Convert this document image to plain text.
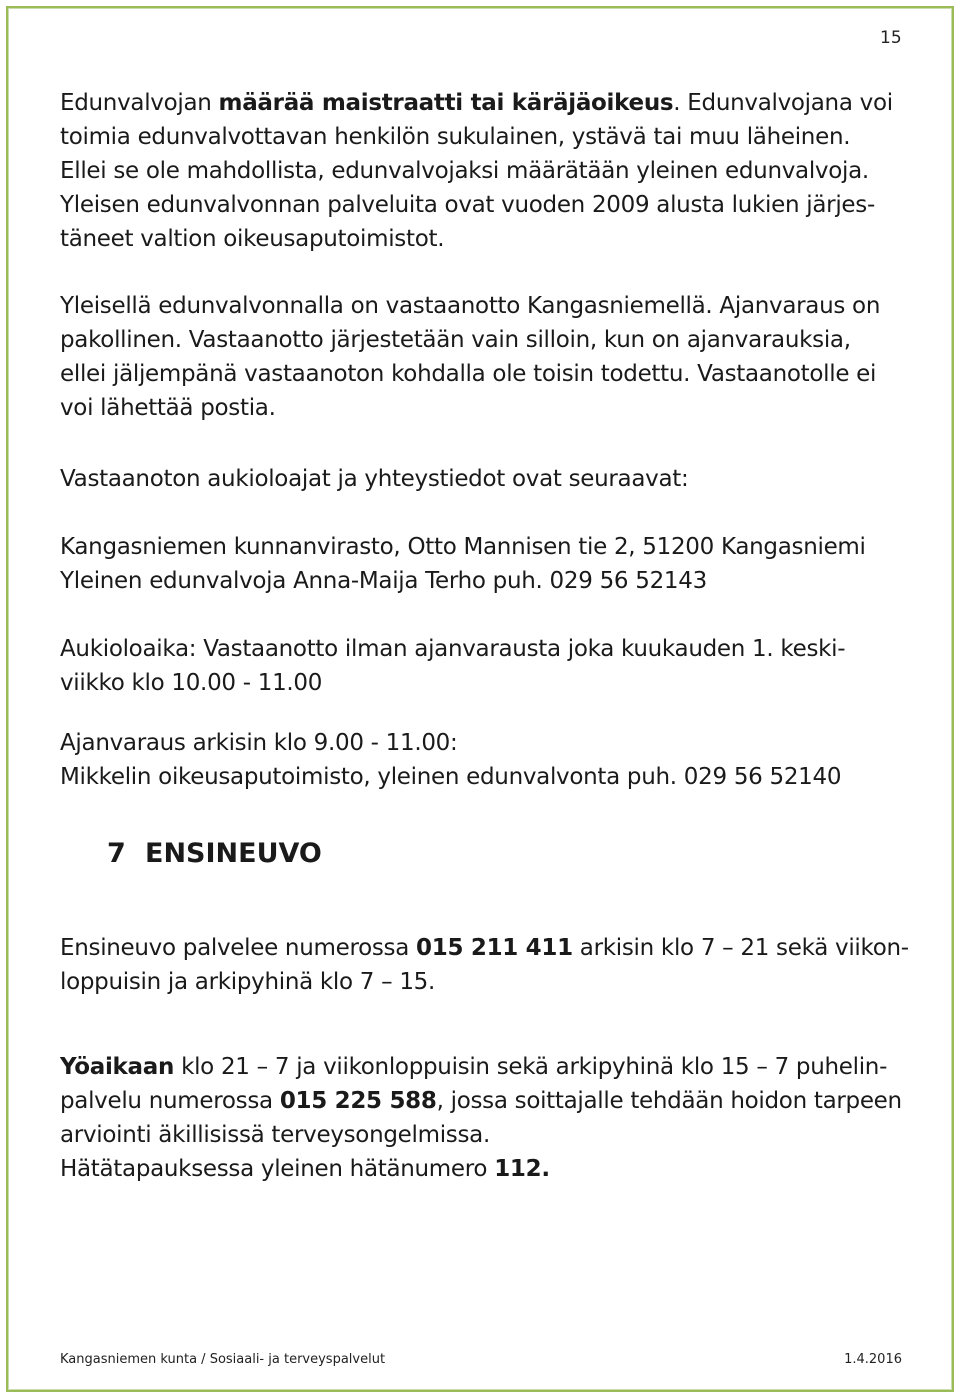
15
Edunvalvojan määrää maistraatti tai käräjäoikeus. Edunvalvojana voi
toimia edunvalvottavan henkilön sukulainen, ystävä tai muu läheinen.
Ellei se ole mahdollista, edunvalvojaksi määrätään yleinen edunvalvoja.
Yleisen edunvalvonnan palveluita ovat vuoden 2009 alusta lukien järjes-
täneet valtion oikeusaputoimistot.
Yleisellä edunvalvonnalla on vastaanotto Kangasniemellä. Ajanvaraus on
pakollinen. Vastaanotto järjestetään vain silloin, kun on ajanvarauksia,
ellei jäljempänä vastaanoton kohdalla ole toisin todettu. Vastaanotolle ei
voi lähettää postia.
Vastaanoton aukioloajat ja yhteystiedot ovat seuraavat:
Kangasniemen kunnanvirasto, Otto Mannisen tie 2, 51200 Kangasniemi
Yleinen edunvalvoja Anna-Maija Terho puh. 029 56 52143
Aukioloaika: Vastaanotto ilman ajanvarausta joka kuukauden 1. keski-
viikko klo 10.00 - 11.00
Ajanvaraus arkisin klo 9.00 - 11.00:
Mikkelin oikeusaputoimisto, yleinen edunvalvonta puh. 029 56 52140
7 ENSINEUVO
Ensineuvo palvelee numerossa 015 211 411 arkisin klo 7 – 21 sekä viikon-
loppuisin ja arkipyhinä klo 7 – 15.
Yöaikaan klo 21 – 7 ja viikonloppuisin sekä arkipyhinä klo 15 – 7 puhelin-
palvelu numerossa 015 225 588, jossa soittajalle tehdään hoidon tarpeen
arviointi äkillisissä terveysongelmissa.
Hätätapauksessa yleinen hätänumero 112.
Kangasniemen kunta / Sosiaali- ja terveyspalvelut	1.4.2016
